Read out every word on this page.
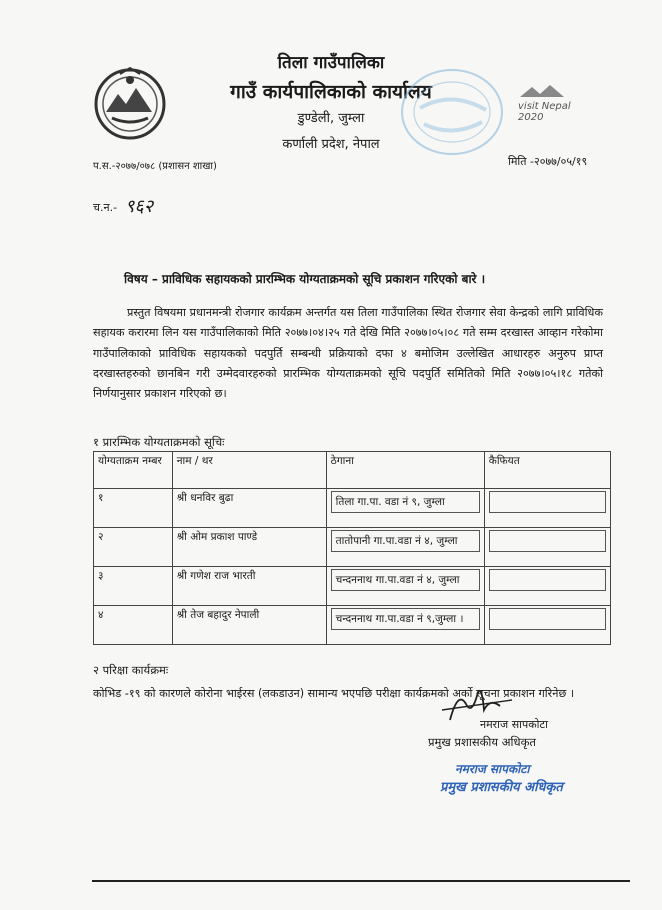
तिला गाउँपालिका
गाउँ कार्यपालिकाको कार्यालय
डुण्डेली, जुम्ला
कर्णाली प्रदेश, नेपाल
visit Nepal 2020
प.स.-२०७७/०७८ (प्रशासन शाखा)	मिति -२०७७/०५/१९
च.न.- ९६२
विषय – प्राविधिक सहायकको प्रारम्भिक योग्यताक्रमको सूचि प्रकाशन गरिएको बारे ।
प्रस्तुत विषयमा प्रधानमन्त्री रोजगार कार्यक्रम अन्तर्गत यस तिला गाउँपालिका स्थित रोजगार सेवा केन्द्रको लागि प्राविधिक सहायक करारमा लिन यस गाउँपालिकाको मिति २०७७।०४।२५ गते देखि मिति २०७७।०५।०८ गते सम्म दरखास्त आव्हान गरेकोमा गाउँपालिकाको प्राविधिक सहायकको पदपुर्ति सम्बन्धी प्रक्रियाको दफा ४ बमोजिम उल्लेखित आधारहरु अनुरुप प्राप्त दरखास्तहरुको छानबिन गरी उम्मेदवारहरुको प्रारम्भिक योग्यताक्रमको सूचि पदपुर्ति समितिको मिति २०७७।०५।१८ गतेको निर्णयानुसार प्रकाशन गरिएको छ।
१ प्रारम्भिक योग्यताक्रमको सूचिः
योग्यताक्रम नम्बर	नाम / थर	ठेगाना	कैफियत
१	श्री धनविर बुढा	तिला गा.पा. वडा नं ९, जुम्ला	

२	श्री ओम प्रकाश पाण्डे	तातोपानी गा.पा.वडा नं ४, जुम्ला	

३	श्री गणेश राज भारती	चन्दननाथ गा.पा.वडा नं ४, जुम्ला	

४	श्री तेज बहादुर नेपाली	चन्दननाथ गा.पा.वडा नं ९,जुम्ला ।	

२ परिक्षा कार्यक्रमः
कोभिड -१९ को कारणले कोरोना भाईरस (लकडाउन) सामान्य भएपछि परीक्षा कार्यक्रमको अर्को सूचना प्रकाशन गरिनेछ ।
नमराज सापकोटा
प्रमुख प्रशासकीय अधिकृत
नमराज सापकोटा
प्रमुख प्रशासकीय अधिकृत
